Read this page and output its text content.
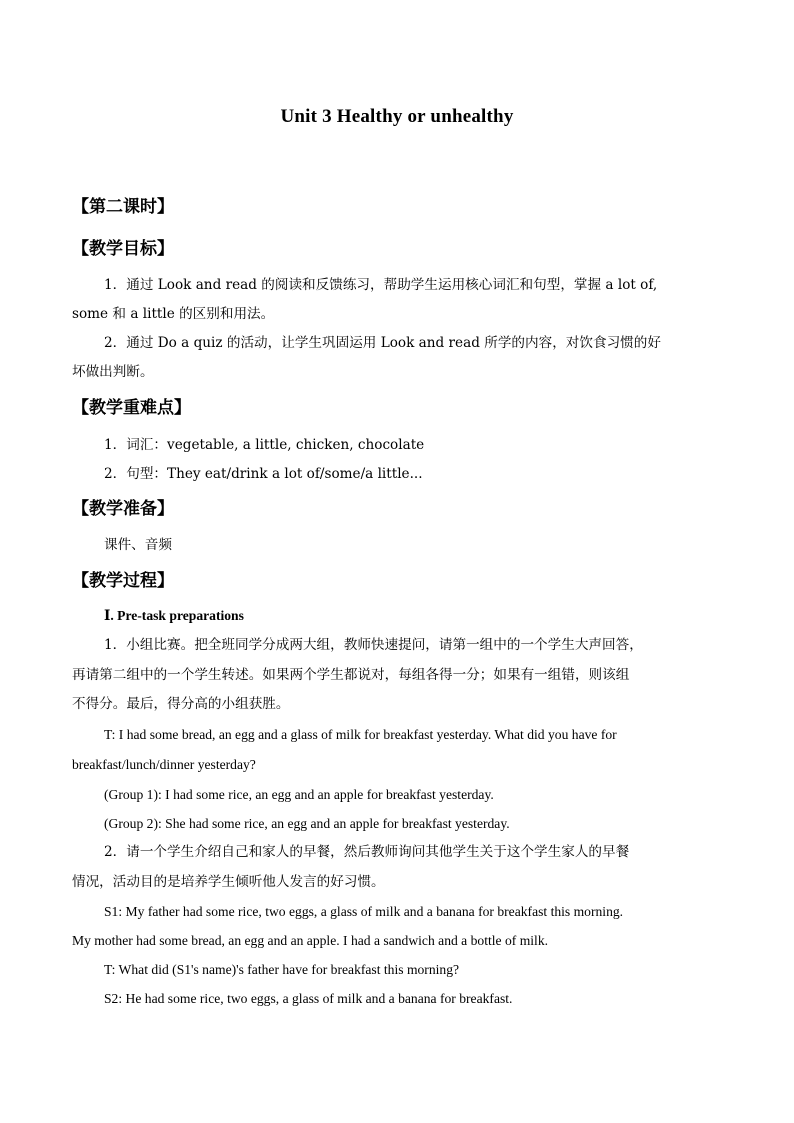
Unit 3 Healthy or unhealthy
【第二课时】
【教学目标】
1．通过 Look and read 的阅读和反馈练习，帮助学生运用核心词汇和句型，掌握 a lot of,
some 和 a little 的区别和用法。
2．通过 Do a quiz 的活动，让学生巩固运用 Look and read 所学的内容，对饮食习惯的好
坏做出判断。
【教学重难点】
1．词汇：vegetable, a little, chicken, chocolate
2．句型：They eat/drink a lot of/some/a little...
【教学准备】
课件、音频
【教学过程】
Ⅰ. Pre-task preparations
1．小组比赛。把全班同学分成两大组，教师快速提问，请第一组中的一个学生大声回答，
再请第二组中的一个学生转述。如果两个学生都说对，每组各得一分；如果有一组错，则该组
不得分。最后，得分高的小组获胜。
T: I had some bread, an egg and a glass of milk for breakfast yesterday. What did you have for
breakfast/lunch/dinner yesterday?
(Group 1): I had some rice, an egg and an apple for breakfast yesterday.
(Group 2): She had some rice, an egg and an apple for breakfast yesterday.
2．请一个学生介绍自己和家人的早餐，然后教师询问其他学生关于这个学生家人的早餐
情况，活动目的是培养学生倾听他人发言的好习惯。
S1: My father had some rice, two eggs, a glass of milk and a banana for breakfast this morning.
My mother had some bread, an egg and an apple. I had a sandwich and a bottle of milk.
T: What did (S1's name)'s father have for breakfast this morning?
S2: He had some rice, two eggs, a glass of milk and a banana for breakfast.
